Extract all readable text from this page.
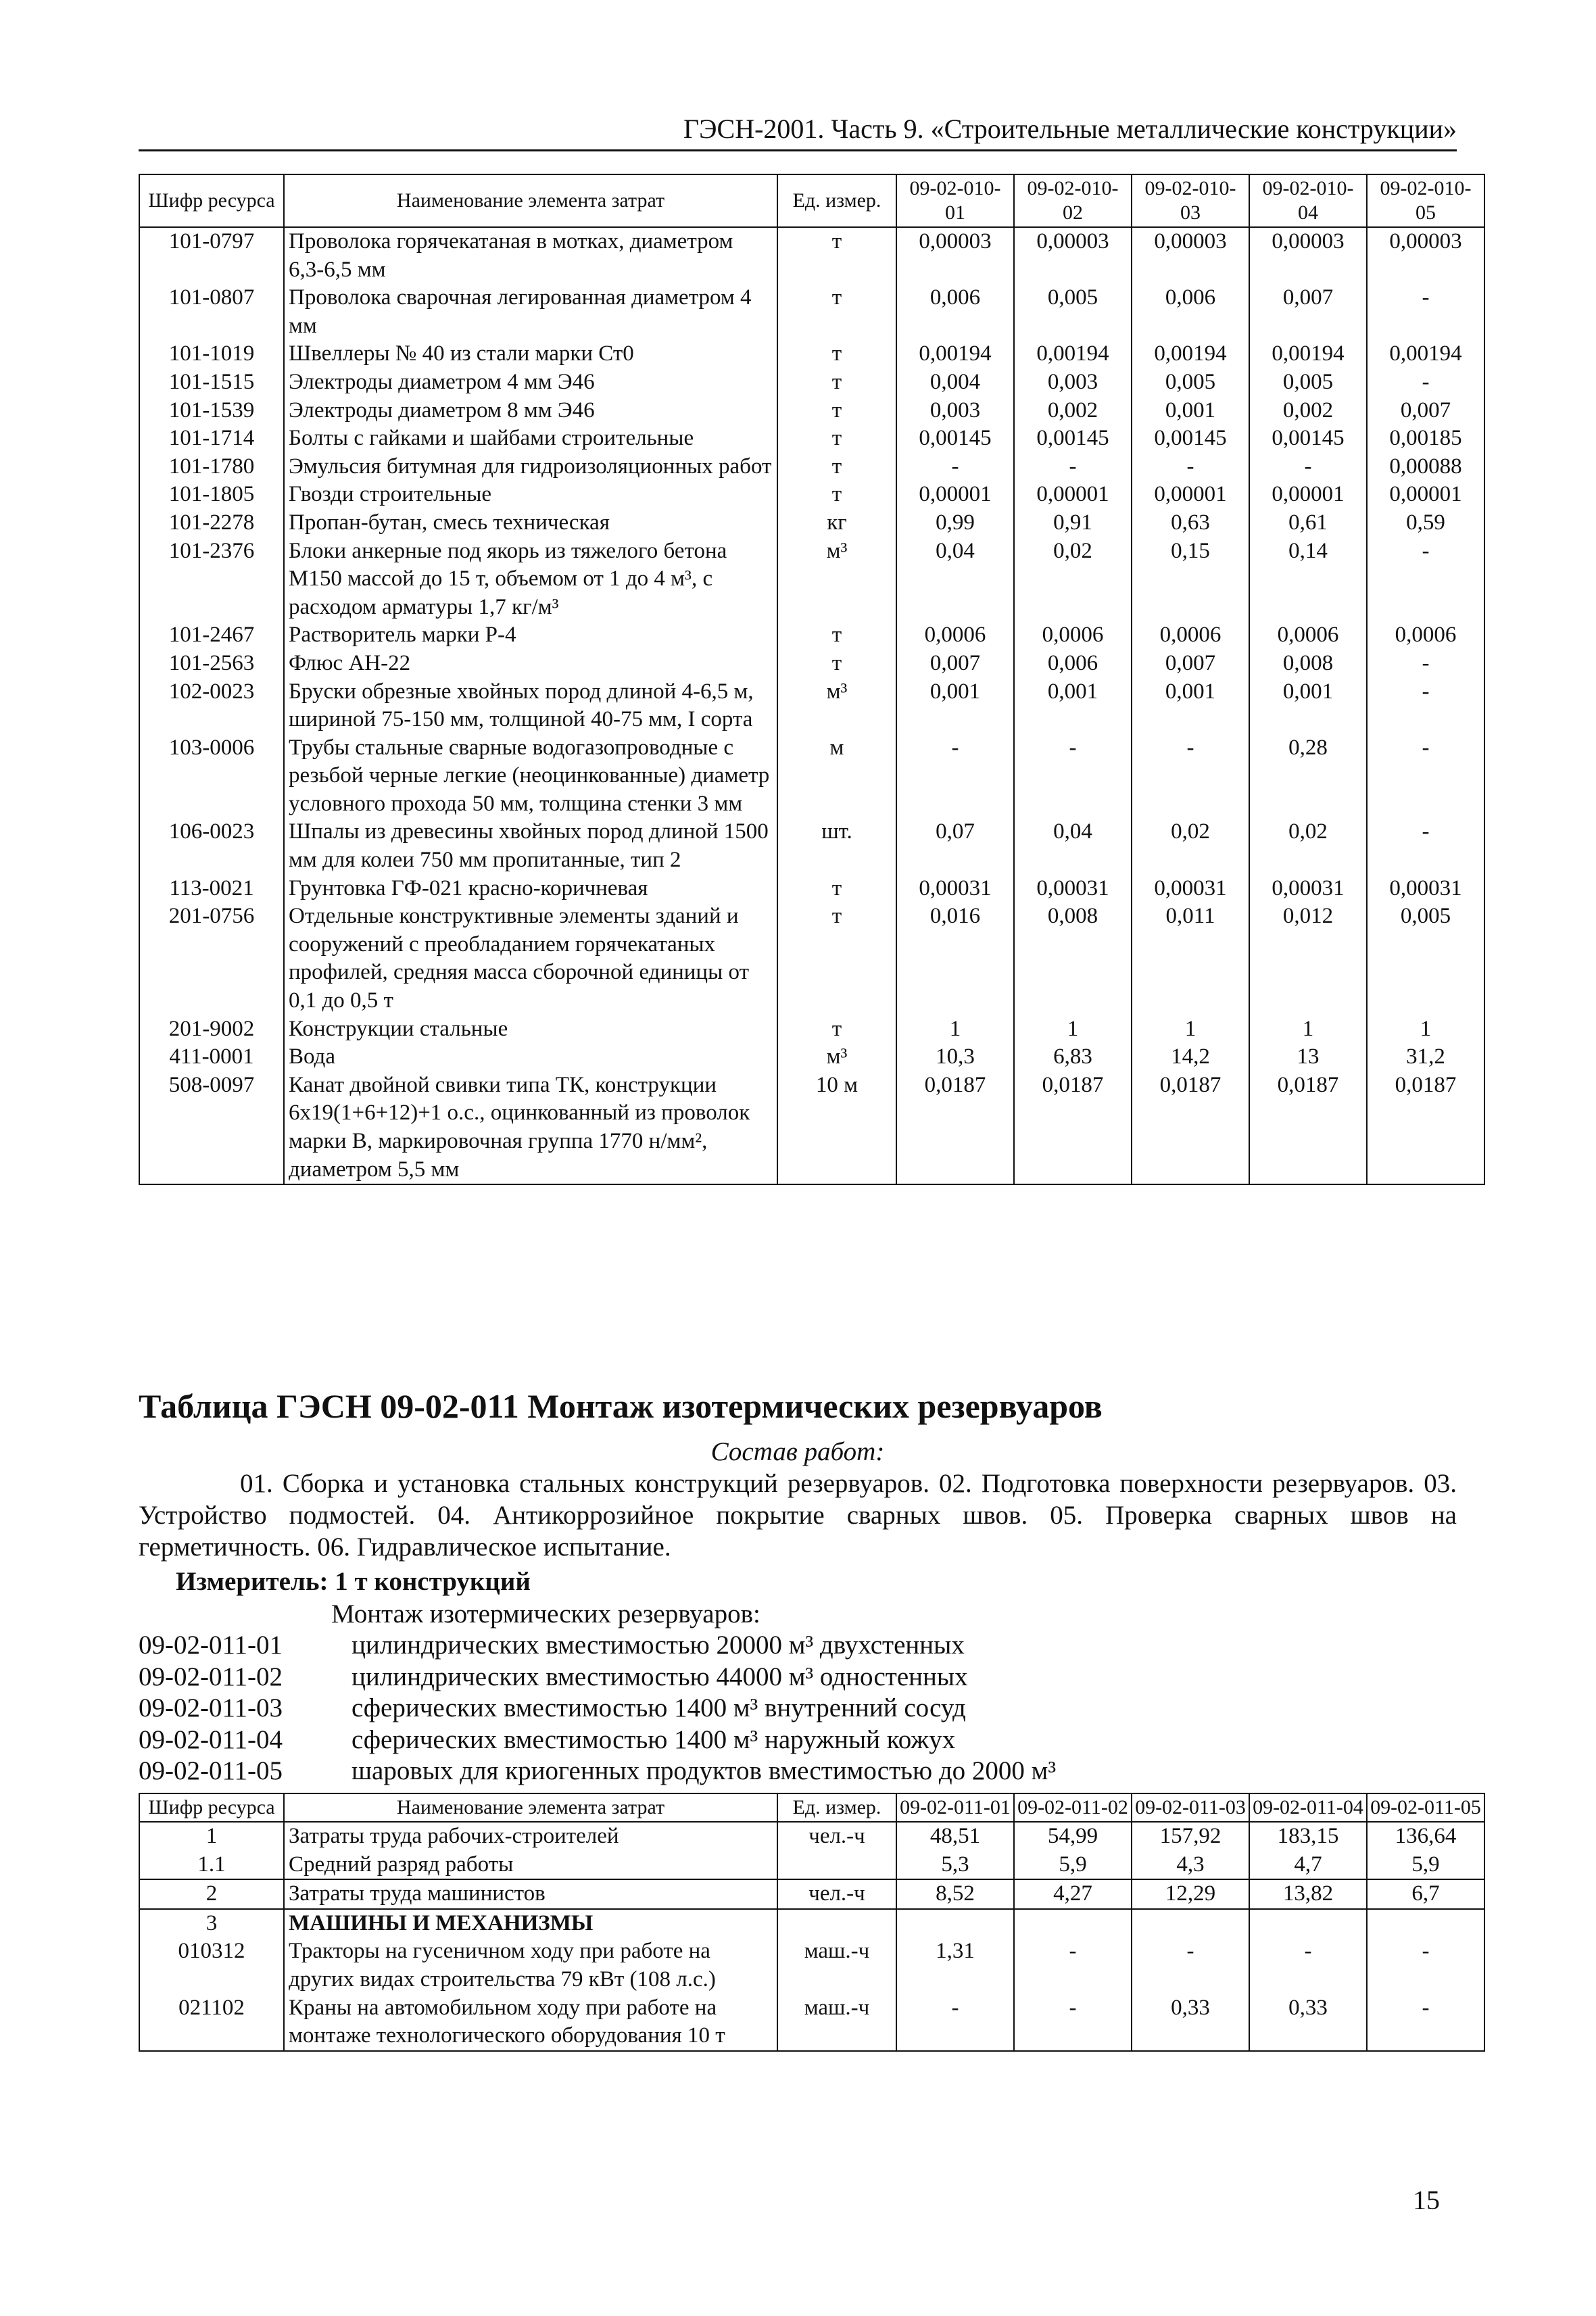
ГЭСН-2001. Часть 9. «Строительные металлические конструкции»
Шифр ресурса	Наименование элемента затрат	Ед. измер.	09-02-010-01	09-02-010-02	09-02-010-03	09-02-010-04	09-02-010-05
101-0797	Проволока горячекатаная в мотках, диаметром 6,3-6,5 мм	т	0,00003	0,00003	0,00003	0,00003	0,00003
101-0807	Проволока сварочная легированная диаметром 4 мм	т	0,006	0,005	0,006	0,007	-
101-1019	Швеллеры № 40 из стали марки Ст0	т	0,00194	0,00194	0,00194	0,00194	0,00194
101-1515	Электроды диаметром 4 мм Э46	т	0,004	0,003	0,005	0,005	-
101-1539	Электроды диаметром 8 мм Э46	т	0,003	0,002	0,001	0,002	0,007
101-1714	Болты с гайками и шайбами строительные	т	0,00145	0,00145	0,00145	0,00145	0,00185
101-1780	Эмульсия битумная для гидроизоляционных работ	т	-	-	-	-	0,00088
101-1805	Гвозди строительные	т	0,00001	0,00001	0,00001	0,00001	0,00001
101-2278	Пропан-бутан, смесь техническая	кг	0,99	0,91	0,63	0,61	0,59
101-2376	Блоки анкерные под якорь из тяжелого бетона М150 массой до 15 т, объемом от 1 до 4 м³, с расходом арматуры 1,7 кг/м³	м³	0,04	0,02	0,15	0,14	-
101-2467	Растворитель марки Р-4	т	0,0006	0,0006	0,0006	0,0006	0,0006
101-2563	Флюс АН-22	т	0,007	0,006	0,007	0,008	-
102-0023	Бруски обрезные хвойных пород длиной 4-6,5 м, шириной 75-150 мм, толщиной 40-75 мм, I сорта	м³	0,001	0,001	0,001	0,001	-
103-0006	Трубы стальные сварные водогазопроводные с резьбой черные легкие (неоцинкованные) диаметр условного прохода 50 мм, толщина стенки 3 мм	м	-	-	-	0,28	-
106-0023	Шпалы из древесины хвойных пород длиной 1500 мм для колеи 750 мм пропитанные, тип 2	шт.	0,07	0,04	0,02	0,02	-
113-0021	Грунтовка ГФ-021 красно-коричневая	т	0,00031	0,00031	0,00031	0,00031	0,00031
201-0756	Отдельные конструктивные элементы зданий и сооружений с преобладанием горячекатаных профилей, средняя масса сборочной единицы от 0,1 до 0,5 т	т	0,016	0,008	0,011	0,012	0,005
201-9002	Конструкции стальные	т	1	1	1	1	1
411-0001	Вода	м³	10,3	6,83	14,2	13	31,2
508-0097	Канат двойной свивки типа ТК, конструкции 6х19(1+6+12)+1 о.с., оцинкованный из проволок марки В, маркировочная группа 1770 н/мм², диаметром 5,5 мм	10 м	0,0187	0,0187	0,0187	0,0187	0,0187
Таблица ГЭСН 09-02-011 Монтаж изотермических резервуаров
Состав работ:
01. Сборка и установка стальных конструкций резервуаров. 02. Подготовка поверхности резервуаров. 03. Устройство подмостей. 04. Антикоррозийное покрытие сварных швов. 05. Проверка сварных швов на герметичность. 06. Гидравлическое испытание.
Измеритель: 1 т конструкций
Монтаж изотермических резервуаров:
09-02-011-01	цилиндрических вместимостью 20000 м³ двухстенных
09-02-011-02	цилиндрических вместимостью 44000 м³ одностенных
09-02-011-03	сферических вместимостью 1400 м³ внутренний сосуд
09-02-011-04	сферических вместимостью 1400 м³ наружный кожух
09-02-011-05	шаровых для криогенных продуктов вместимостью до 2000 м³
Шифр ресурса	Наименование элемента затрат	Ед. измер.	09-02-011-01	09-02-011-02	09-02-011-03	09-02-011-04	09-02-011-05
1	Затраты труда рабочих-строителей	чел.-ч	48,51	54,99	157,92	183,15	136,64
1.1	Средний разряд работы		5,3	5,9	4,3	4,7	5,9
2	Затраты труда машинистов	чел.-ч	8,52	4,27	12,29	13,82	6,7
3	МАШИНЫ И МЕХАНИЗМЫ						
010312	Тракторы на гусеничном ходу при работе на других видах строительства 79 кВт (108 л.с.)	маш.-ч	1,31	-	-	-	-
021102	Краны на автомобильном ходу при работе на монтаже технологического оборудования 10 т	маш.-ч	-	-	0,33	0,33	-
15
